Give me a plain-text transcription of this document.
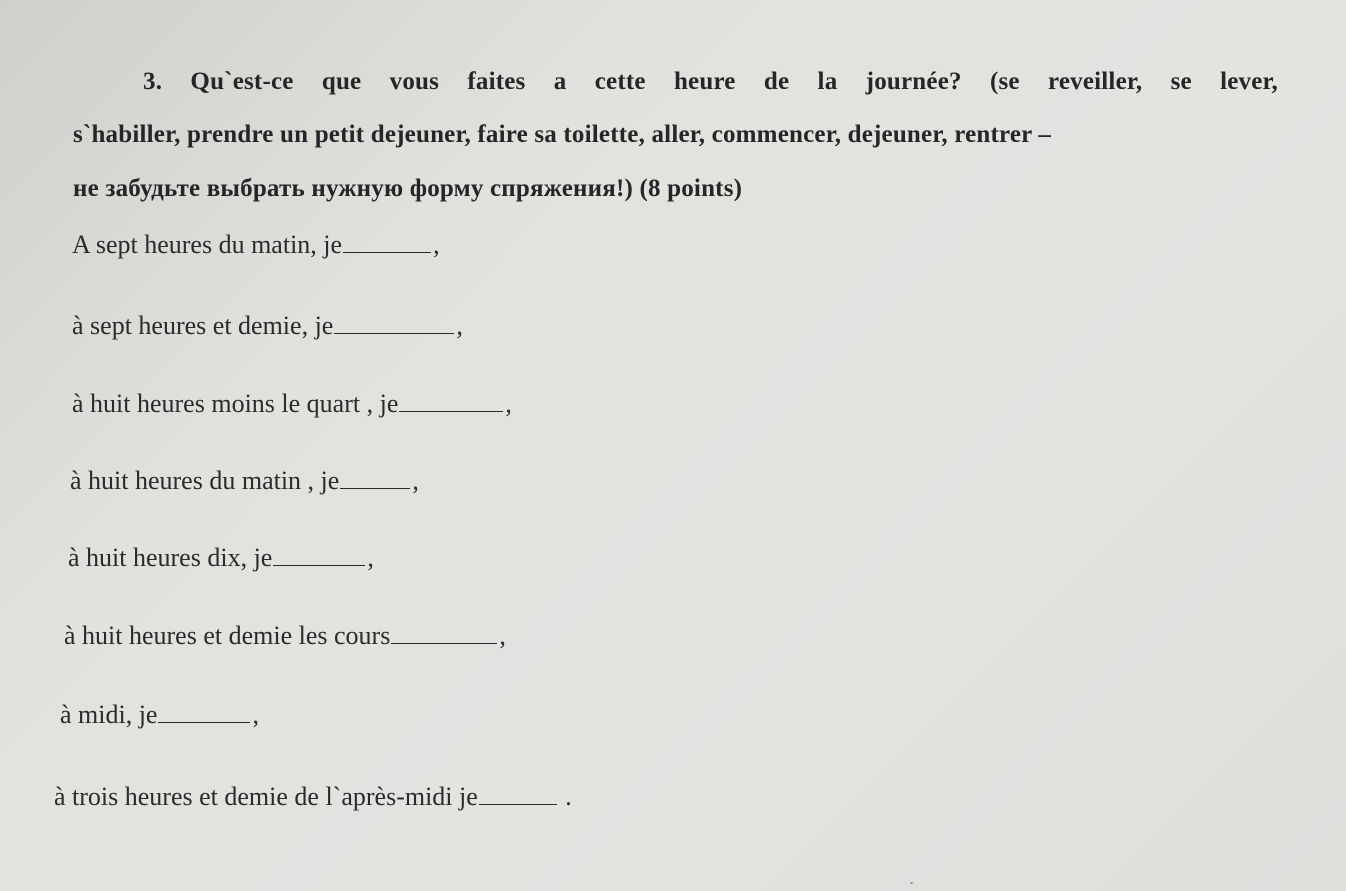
3. Qu`est-ce que vous faites a cette heure de la journée? (se reveiller, se lever,
s`habiller, prendre un petit dejeuner, faire sa toilette, aller, commencer, dejeuner, rentrer –
не забудьте выбрать нужную форму спряжения!) (8 points)
A sept heures du matin, je	,
à sept heures et demie, je	,
à huit heures moins le quart , je	,
à huit heures du matin , je	,
à huit heures dix, je	,
à huit heures et demie les cours	,
à midi, je	,
à trois heures et demie de l`après-midi je	.
